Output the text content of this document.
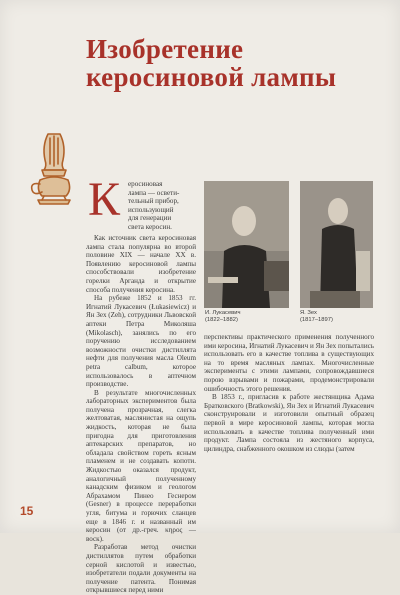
Изобретение
керосиновой лампы
К еросиновая
лампа — освети-
тельный прибор,
использующий
для генерации
света керосин.

Как источник света керосиновая лампа стала популярна во второй половине XIX — начале XX в. Появлению керосиновой лампы способствовали изобретение горелки Арганда и открытие способа получения керосина.

На рубеже 1852 и 1853 гг. Игнатий Лукасевич (Łukasiewicz) и Ян Зех (Zeh), сотрудники Львовской аптеки Петра Миколяша (Mikolasch), занялись по его поручению исследованием возможности очистки дистиллята нефти для получения масла Oleum petra calbum, которое использовалось в аптечном производстве.

В результате многочисленных лабораторных экспериментов была получена прозрачная, слегка желтоватая, маслянистая на ощупь жидкость, которая не была пригодна для приготовления аптекарских препаратов, но обладала свойством гореть ясным пламенем и не создавать копоти. Жидкостью оказался продукт, аналогичный полученному канадским физиком и геологом Абрахамом Пинео Геснером (Gesner) в процессе переработки угля, битума и горючих сланцев еще в 1846 г. и названный им керосин (от др.-греч. κηρος — воск).

Разработав метод очистки дистиллятов путем обработки серной кислотой и известью, изобретатели подали документы на получение патента. Понимая открывшиеся перед ними

И. Лукасевич
(1822–1882)
Я. Зех
(1817–1897)

перспективы практического применения полученного ими керосина, Игнатий Лукасевич и Ян Зех попытались использовать его в качестве топлива в существующих на то время масляных лампах. Многочисленные эксперименты с этими лампами, сопровождавшиеся порою взрывами и пожарами, продемонстрировали ошибочность этого решения.

В 1853 г., пригласив к работе жестянщика Адама Братковского (Bratkowski), Ян Зех и Игнатий Лукасевич сконструировали и изготовили опытный образец первой в мире керосиновой лампы, которая могла использовать в качестве топлива полученный ими продукт. Лампа состояла из жестяного корпуса, цилиндра, снабженного окошком из слюды (затем

15
